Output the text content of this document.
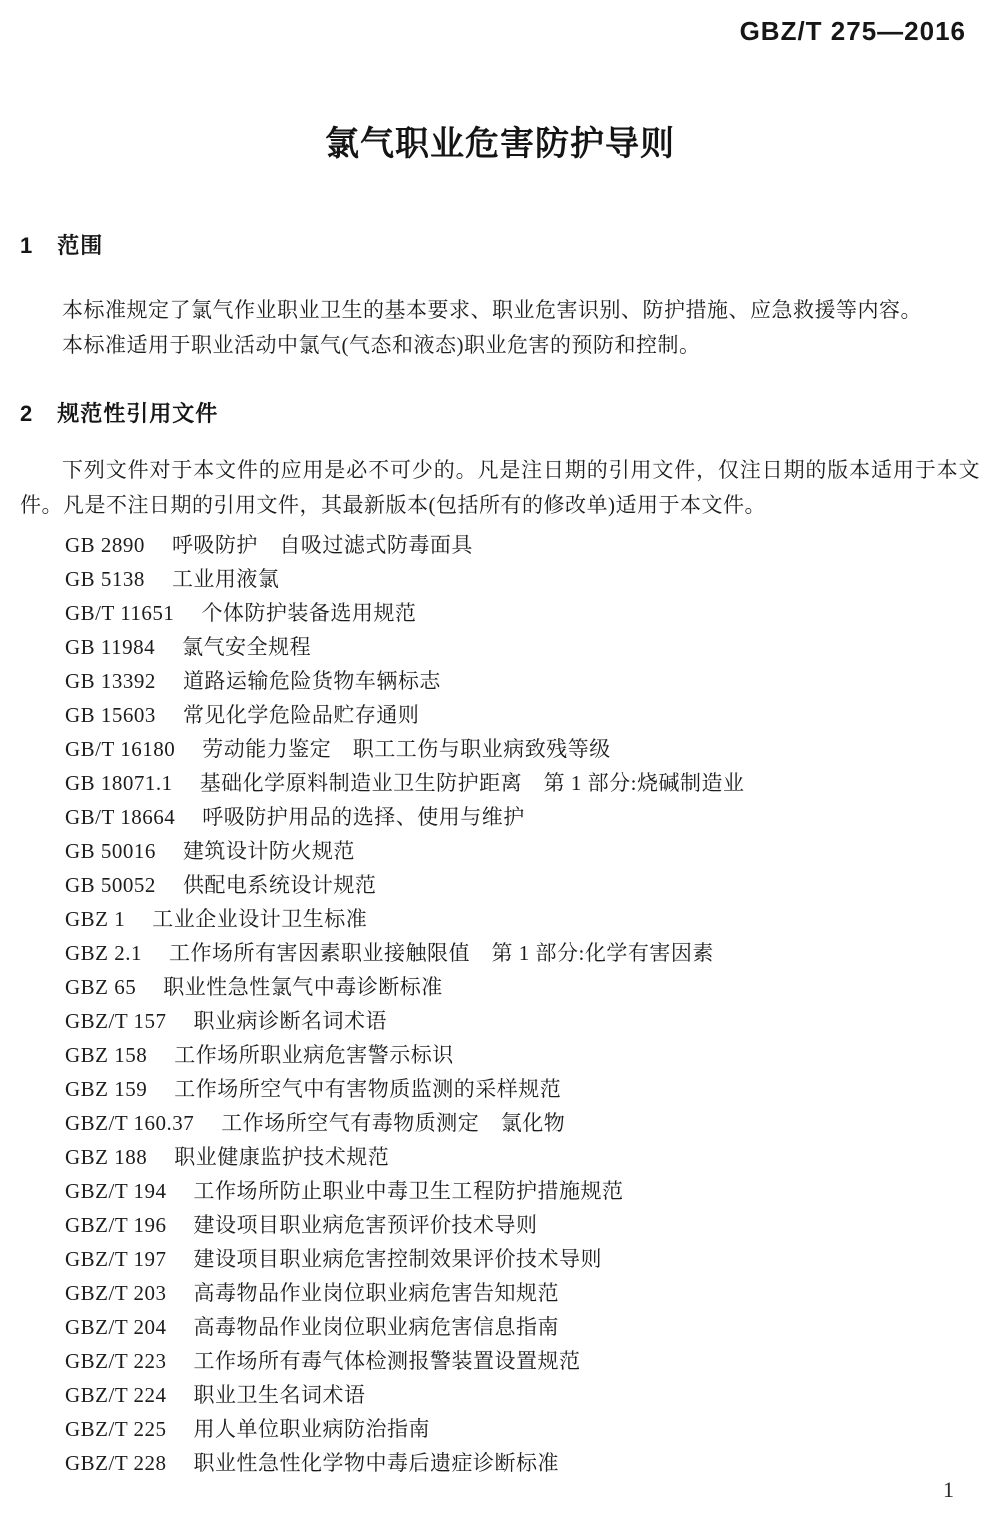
GBZ/T 275—2016
氯气职业危害防护导则
1 范围

本标准规定了氯气作业职业卫生的基本要求、职业危害识别、防护措施、应急救援等内容。

本标准适用于职业活动中氯气(气态和液态)职业危害的预防和控制。

2 规范性引用文件

下列文件对于本文件的应用是必不可少的。凡是注日期的引用文件，仅注日期的版本适用于本文件。凡是不注日期的引用文件，其最新版本(包括所有的修改单)适用于本文件。

GB 2890 呼吸防护　自吸过滤式防毒面具
GB 5138 工业用液氯
GB/T 11651 个体防护装备选用规范
GB 11984 氯气安全规程
GB 13392 道路运输危险货物车辆标志
GB 15603 常见化学危险品贮存通则
GB/T 16180 劳动能力鉴定　职工工伤与职业病致残等级
GB 18071.1 基础化学原料制造业卫生防护距离　第 1 部分:烧碱制造业
GB/T 18664 呼吸防护用品的选择、使用与维护
GB 50016 建筑设计防火规范
GB 50052 供配电系统设计规范
GBZ 1 工业企业设计卫生标准
GBZ 2.1 工作场所有害因素职业接触限值　第 1 部分:化学有害因素
GBZ 65 职业性急性氯气中毒诊断标准
GBZ/T 157 职业病诊断名词术语
GBZ 158 工作场所职业病危害警示标识
GBZ 159 工作场所空气中有害物质监测的采样规范
GBZ/T 160.37 工作场所空气有毒物质测定　氯化物
GBZ 188 职业健康监护技术规范
GBZ/T 194 工作场所防止职业中毒卫生工程防护措施规范
GBZ/T 196 建设项目职业病危害预评价技术导则
GBZ/T 197 建设项目职业病危害控制效果评价技术导则
GBZ/T 203 高毒物品作业岗位职业病危害告知规范
GBZ/T 204 高毒物品作业岗位职业病危害信息指南
GBZ/T 223 工作场所有毒气体检测报警装置设置规范
GBZ/T 224 职业卫生名词术语
GBZ/T 225 用人单位职业病防治指南
GBZ/T 228 职业性急性化学物中毒后遗症诊断标准
1
